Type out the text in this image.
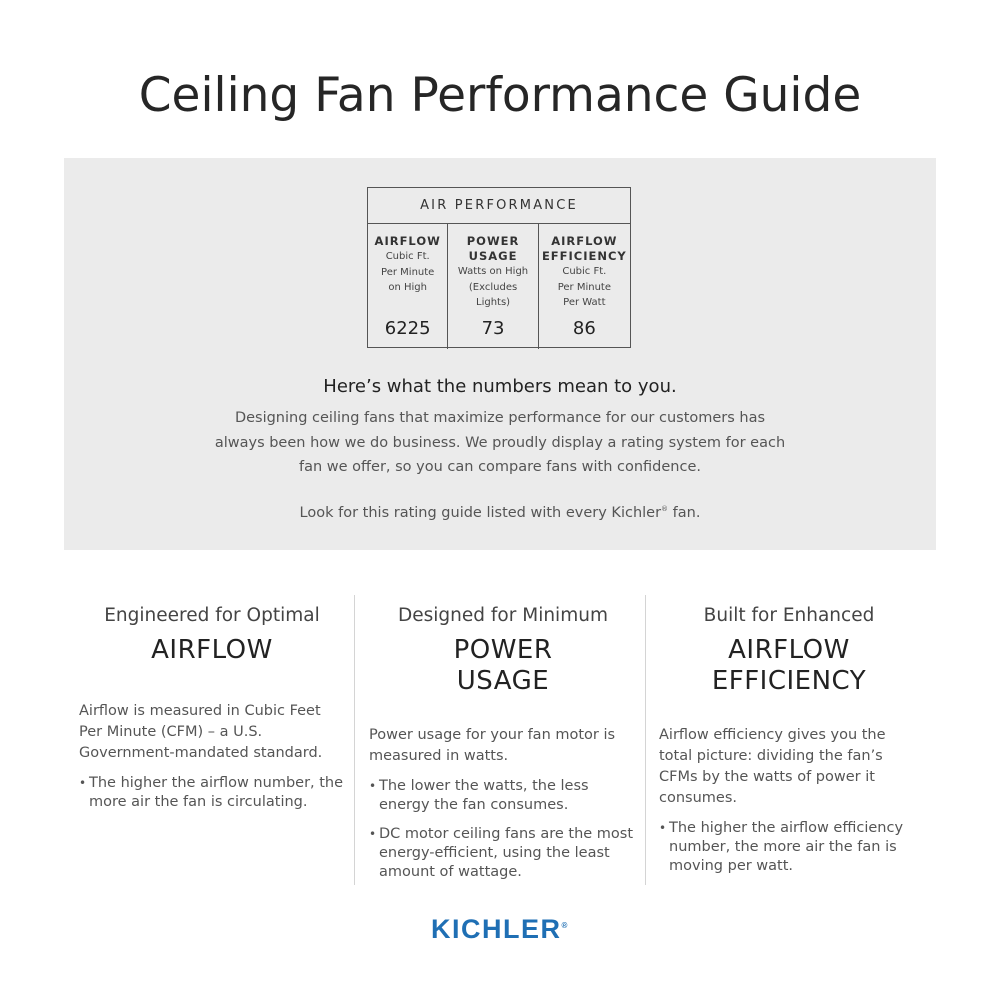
Ceiling Fan Performance Guide
AIR PERFORMANCE
AIRFLOW
Cubic Ft.
Per Minute
on High
6225
POWER
USAGE
Watts on High
(Excludes
Lights)
73
AIRFLOW
EFFICIENCY
Cubic Ft.
Per Minute
Per Watt
86

Here’s what the numbers mean to you.

Designing ceiling fans that maximize performance for our customers has always been how we do business. We proudly display a rating system for each fan we offer, so you can compare fans with confidence.

Look for this rating guide listed with every Kichler® fan.

Engineered for Optimal
AIRFLOW

Airflow is measured in Cubic Feet Per Minute (CFM) – a U.S. Government-mandated standard.

• The higher the airflow number, the more air the fan is circulating.
Designed for Minimum
POWER
USAGE

Power usage for your fan motor is measured in watts.

• The lower the watts, the less energy the fan consumes.
• DC motor ceiling fans are the most energy-efficient, using the least amount of wattage.
Built for Enhanced
AIRFLOW
EFFICIENCY

Airflow efficiency gives you the total picture: dividing the fan’s CFMs by the watts of power it consumes.

• The higher the airflow efficiency number, the more air the fan is moving per watt.
KICHLER®
